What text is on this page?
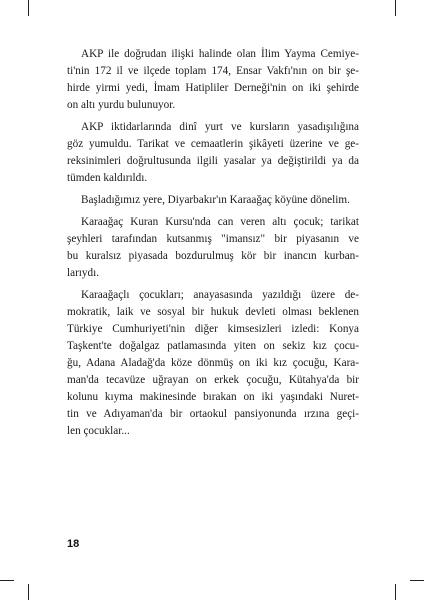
AKP ile doğrudan ilişki halinde olan İlim Yayma Cemiye-
ti'nin 172 il ve ilçede toplam 174, Ensar Vakfı'nın on bir şe-
hirde yirmi yedi, İmam Hatipliler Derneği'nin on iki şehirde
on altı yurdu bulunuyor.

AKP iktidarlarında dinî yurt ve kursların yasadışılığına
göz yumuldu. Tarikat ve cemaatlerin şikâyeti üzerine ve ge-
reksinimleri doğrultusunda ilgili yasalar ya değiştirildi ya da
tümden kaldırıldı.

Başladığımız yere, Diyarbakır'ın Karaağaç köyüne dönelim.

Karaağaç Kuran Kursu'nda can veren altı çocuk; tarikat
şeyhleri tarafından kutsanmış "imansız" bir piyasanın ve
bu kuralsız piyasada bozdurulmuş kör bir inancın kurban-
larıydı.

Karaağaçlı çocukları; anayasasında yazıldığı üzere de-
mokratik, laik ve sosyal bir hukuk devleti olması beklenen
Türkiye Cumhuriyeti'nin diğer kimsesizleri izledi: Konya
Taşkent'te doğalgaz patlamasında yiten on sekiz kız çocu-
ğu, Adana Aladağ'da köze dönmüş on iki kız çocuğu, Kara-
man'da tecavüze uğrayan on erkek çocuğu, Kütahya'da bir
kolunu kıyma makinesinde bırakan on iki yaşındaki Nuret-
tin ve Adıyaman'da bir ortaokul pansiyonunda ırzına geçi-
len çocuklar...

18
